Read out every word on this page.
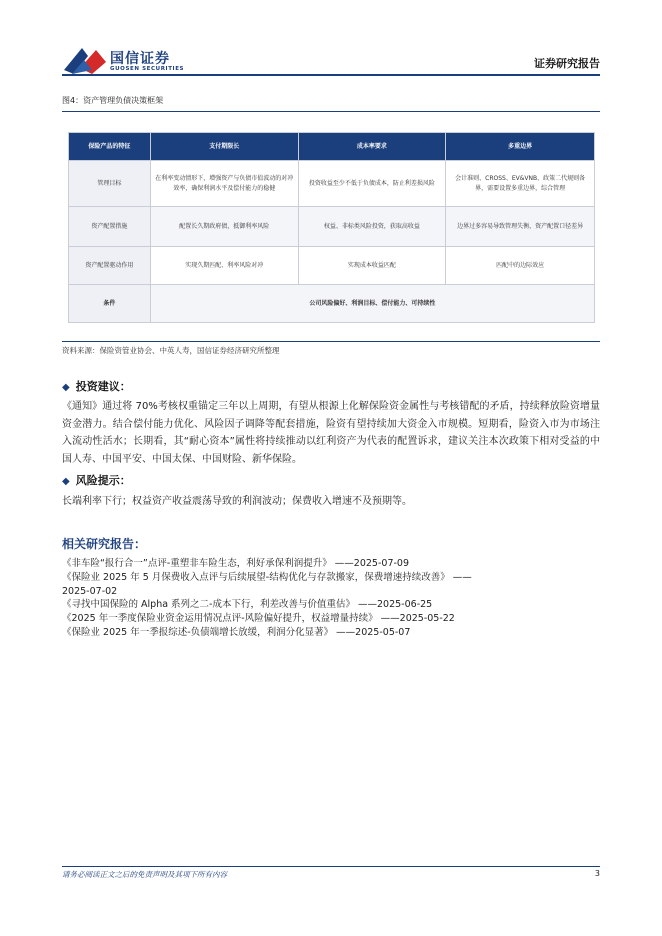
国信证券
GUOSEN SECURITIES	证券研究报告
图4：资产管理负债决策框架
保险产品的特征	支付期限长	成本率要求	多重边界
管理目标	在利率变动情形下，增强资产与负债市值波动的对冲效率，确保利润水平及偿付能力的稳健	投资收益至少不低于负债成本，防止利差损风险	会计准则、CROSS、EV&VNB、政策二代规则备界，需要设置多重边界，综合管理
资产配置措施	配置长久期政府债，抵御利率风险	权益、非标类风险投资，获取高收益	边界过多容易导致管理失衡，资产配置口径差异
资产配置驱动作用	实现久期匹配、利率风险对冲	实现成本收益匹配	匹配中的边际效应
条件	公司风险偏好、利润目标、偿付能力、可持续性		
资料来源：保险资管业协会、中英人寿，国信证券经济研究所整理
◆ 投资建议：
《通知》通过将 70%考核权重锚定三年以上周期，有望从根源上化解保险资金属性与考核错配的矛盾，持续释放险资增量资金潜力。结合偿付能力优化、风险因子调降等配套措施，险资有望持续加大资金入市规模。短期看，险资入市为市场注入流动性活水；长期看，其“耐心资本”属性将持续推动以红利资产为代表的配置诉求，建议关注本次政策下相对受益的中国人寿、中国平安、中国太保、中国财险、新华保险。
◆ 风险提示：
长端利率下行；权益资产收益震荡导致的利润波动；保费收入增速不及预期等。
相关研究报告：
《非车险“报行合一”点评-重塑非车险生态，利好承保利润提升》 ——2025-07-09
《保险业 2025 年 5 月保费收入点评与后续展望-结构优化与存款搬家，保费增速持续改善》 ——
2025-07-02
《寻找中国保险的 Alpha 系列之二-成本下行，利差改善与价值重估》 ——2025-06-25
《2025 年一季度保险业资金运用情况点评-风险偏好提升，权益增量持续》 ——2025-05-22
《保险业 2025 年一季报综述-负债端增长放缓，利润分化显著》 ——2025-05-07
请务必阅读正文之后的免责声明及其项下所有内容	3
